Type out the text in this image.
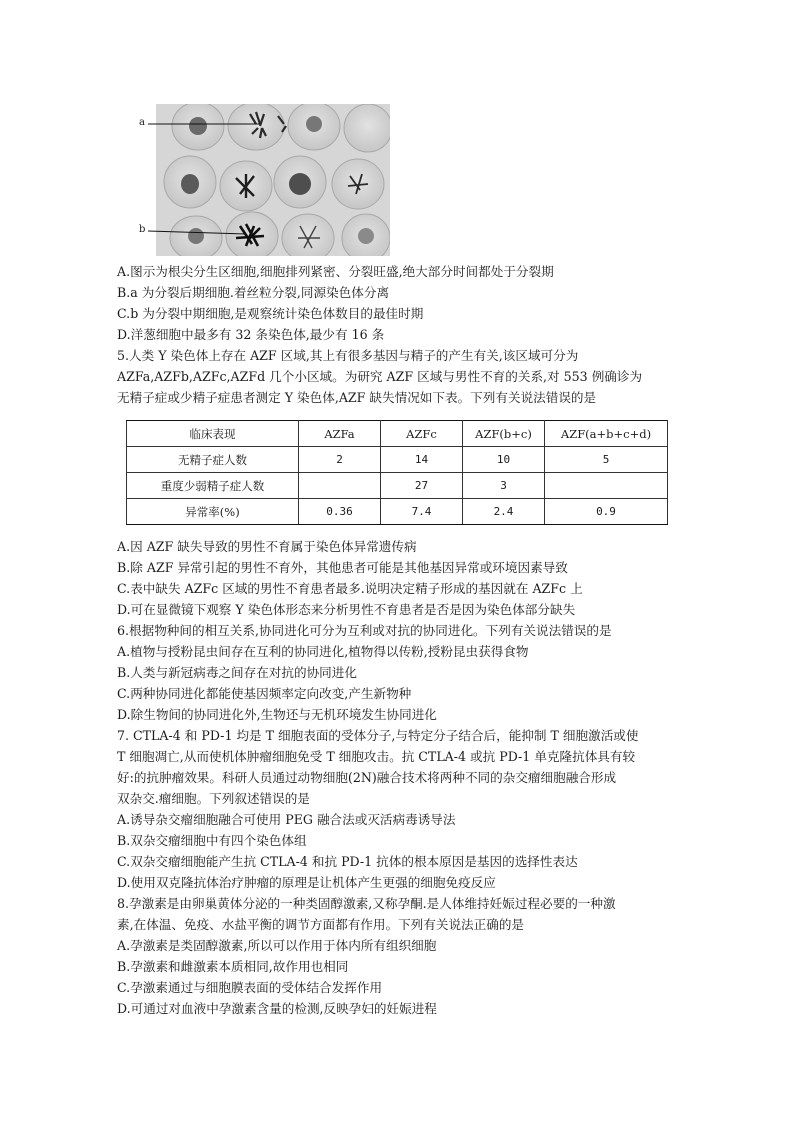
a
b
A.图示为根尖分生区细胞,细胞排列紧密、分裂旺盛,绝大部分时间都处于分裂期
B.a 为分裂后期细胞.着丝粒分裂,同源染色体分离
C.b 为分裂中期细胞,是观察统计染色体数目的最佳时期
D.洋葱细胞中最多有 32 条染色体,最少有 16 条
5.人类 Y 染色体上存在 AZF 区域,其上有很多基因与精子的产生有关,该区域可分为
AZFa,AZFb,AZFc,AZFd 几个小区域。为研究 AZF 区域与男性不育的关系,对 553 例确诊为
无精子症或少精子症患者测定 Y 染色体,AZF 缺失情况如下表。下列有关说法错误的是
临床表现	AZFa	AZFc	AZF(b+c)	AZF(a+b+c+d)
无精子症人数	2	14	10	5
重度少弱精子症人数		27	3	
异常率(%)	0.36	7.4	2.4	0.9
A.因 AZF 缺失导致的男性不育属于染色体异常遗传病
B.除 AZF 异常引起的男性不育外，其他患者可能是其他基因异常或环境因素导致
C.表中缺失 AZFc 区域的男性不育患者最多.说明决定精子形成的基因就在 AZFc 上
D.可在显微镜下观察 Y 染色体形态来分析男性不育患者是否是因为染色体部分缺失
6.根据物种间的相互关系,协同进化可分为互利或对抗的协同进化。下列有关说法错误的是
A.植物与授粉昆虫间存在互利的协同进化,植物得以传粉,授粉昆虫获得食物
B.人类与新冠病毒之间存在对抗的协同进化
C.两种协同进化都能使基因频率定向改变,产生新物种
D.除生物间的协同进化外,生物还与无机环境发生协同进化
7. CTLA-4 和 PD-1 均是 T 细胞表面的受体分子,与特定分子结合后，能抑制 T 细胞激活或使
T 细胞凋亡,从而使机体肿瘤细胞免受 T 细胞攻击。抗 CTLA-4 或抗 PD-1 单克隆抗体具有较
好:的抗肿瘤效果。科研人员通过动物细胞(2N)融合技术将两种不同的杂交瘤细胞融合形成
双杂交.瘤细胞。下列叙述错误的是
A.诱导杂交瘤细胞融合可使用 PEG 融合法或灭活病毒诱导法
B.双杂交瘤细胞中有四个染色体组
C.双杂交瘤细胞能产生抗 CTLA-4 和抗 PD-1 抗体的根本原因是基因的选择性表达
D.使用双克隆抗体治疗肿瘤的原理是让机体产生更强的细胞免疫反应
8.孕激素是由卵巢黄体分泌的一种类固醇激素,又称孕酮.是人体维持妊娠过程必要的一种激
素,在体温、免疫、水盐平衡的调节方面都有作用。下列有关说法正确的是
A.孕激素是类固醇激素,所以可以作用于体内所有组织细胞
B.孕激素和雌激素本质相同,故作用也相同
C.孕激素通过与细胞膜表面的受体结合发挥作用
D.可通过对血液中孕激素含量的检测,反映孕妇的妊娠进程
